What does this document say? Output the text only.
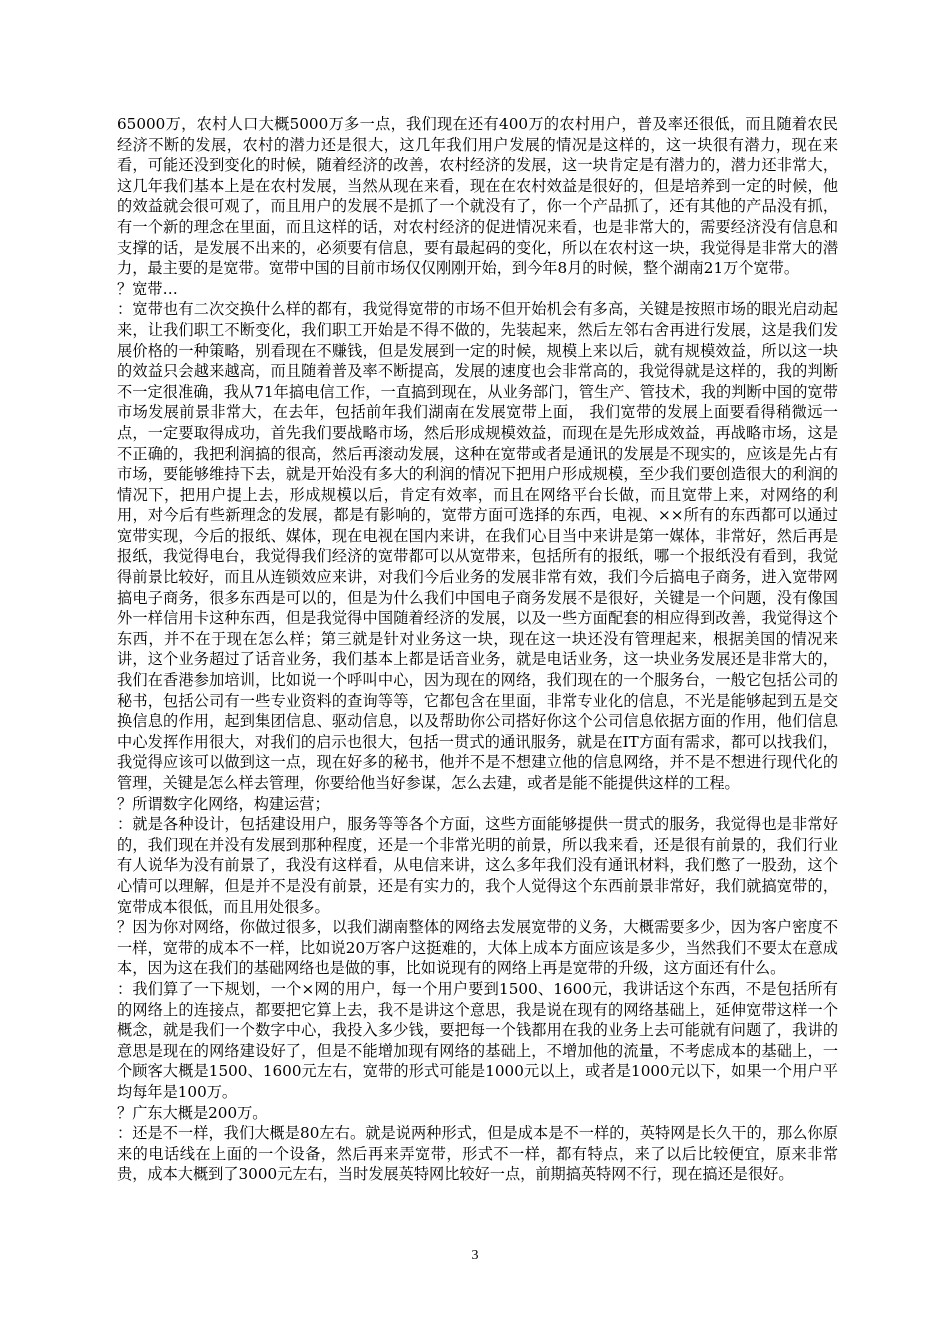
65000万，农村人口大概5000万多一点，我们现在还有400万的农村用户，普及率还很低，而且随着农民经济不断的发展，农村的潜力还是很大，这几年我们用户发展的情况是这样的，这一块很有潜力，现在来看，可能还没到变化的时候，随着经济的改善，农村经济的发展，这一块肯定是有潜力的，潜力还非常大，这几年我们基本上是在农村发展，当然从现在来看，现在在农村效益是很好的，但是培养到一定的时候，他的效益就会很可观了，而且用户的发展不是抓了一个就没有了，你一个产品抓了，还有其他的产品没有抓，有一个新的理念在里面，而且这样的话，对农村经济的促进情况来看，也是非常大的，需要经济没有信息和支撑的话，是发展不出来的，必须要有信息，要有最起码的变化，所以在农村这一块，我觉得是非常大的潜力，最主要的是宽带。宽带中国的目前市场仅仅刚刚开始，到今年8月的时候，整个湖南21万个宽带。

？宽带…

：宽带也有二次交换什么样的都有，我觉得宽带的市场不但开始机会有多高，关键是按照市场的眼光启动起来，让我们职工不断变化，我们职工开始是不得不做的，先装起来，然后左邻右舍再进行发展，这是我们发展价格的一种策略，别看现在不赚钱，但是发展到一定的时候，规模上来以后，就有规模效益，所以这一块的效益只会越来越高，而且随着普及率不断提高，发展的速度也会非常高的，我觉得就是这样的，我的判断不一定很准确，我从71年搞电信工作，一直搞到现在，从业务部门，管生产、管技术，我的判断中国的宽带市场发展前景非常大，在去年，包括前年我们湖南在发展宽带上面， 我们宽带的发展上面要看得稍微远一点，一定要取得成功，首先我们要战略市场，然后形成规模效益，而现在是先形成效益，再战略市场，这是不正确的，我把利润搞的很高，然后再滚动发展，这种在宽带或者是通讯的发展是不现实的，应该是先占有市场，要能够维持下去，就是开始没有多大的利润的情况下把用户形成规模，至少我们要创造很大的利润的情况下，把用户提上去，形成规模以后，肯定有效率，而且在网络平台长做，而且宽带上来，对网络的利用，对今后有些新理念的发展，都是有影响的，宽带方面可选择的东西，电视、××所有的东西都可以通过宽带实现，今后的报纸、媒体，现在电视在国内来讲，在我们心目当中来讲是第一媒体，非常好，然后再是报纸，我觉得电台，我觉得我们经济的宽带都可以从宽带来，包括所有的报纸，哪一个报纸没有看到，我觉得前景比较好，而且从连锁效应来讲，对我们今后业务的发展非常有效，我们今后搞电子商务，进入宽带网搞电子商务，很多东西是可以的，但是为什么我们中国电子商务发展不是很好，关键是一个问题，没有像国外一样信用卡这种东西，但是我觉得中国随着经济的发展，以及一些方面配套的相应得到改善，我觉得这个东西，并不在于现在怎么样；第三就是针对业务这一块，现在这一块还没有管理起来，根据美国的情况来讲，这个业务超过了话音业务，我们基本上都是话音业务，就是电话业务，这一块业务发展还是非常大的，我们在香港参加培训，比如说一个呼叫中心，因为现在的网络，我们现在的一个服务台，一般它包括公司的秘书，包括公司有一些专业资料的查询等等，它都包含在里面，非常专业化的信息，不光是能够起到五是交换信息的作用，起到集团信息、驱动信息，以及帮助你公司搭好你这个公司信息依据方面的作用，他们信息中心发挥作用很大，对我们的启示也很大，包括一贯式的通讯服务，就是在IT方面有需求，都可以找我们，我觉得应该可以做到这一点，现在好多的秘书，他并不是不想建立他的信息网络，并不是不想进行现代化的管理，关键是怎么样去管理，你要给他当好参谋，怎么去建，或者是能不能提供这样的工程。

？所谓数字化网络，构建运营；

：就是各种设计，包括建设用户，服务等等各个方面，这些方面能够提供一贯式的服务，我觉得也是非常好的，我们现在并没有发展到那种程度，还是一个非常光明的前景，所以我来看，还是很有前景的，我们行业有人说华为没有前景了，我没有这样看，从电信来讲，这么多年我们没有通讯材料，我们憋了一股劲，这个心情可以理解，但是并不是没有前景，还是有实力的，我个人觉得这个东西前景非常好，我们就搞宽带的，宽带成本很低，而且用处很多。

？因为你对网络，你做过很多，以我们湖南整体的网络去发展宽带的义务，大概需要多少，因为客户密度不一样，宽带的成本不一样，比如说20万客户这挺难的，大体上成本方面应该是多少，当然我们不要太在意成本，因为这在我们的基础网络也是做的事，比如说现有的网络上再是宽带的升级，这方面还有什么。

：我们算了一下规划，一个×网的用户，每一个用户要到1500、1600元，我讲话这个东西，不是包括所有的网络上的连接点，都要把它算上去，我不是讲这个意思，我是说在现有的网络基础上，延伸宽带这样一个概念，就是我们一个数字中心，我投入多少钱，要把每一个钱都用在我的业务上去可能就有问题了，我讲的意思是现在的网络建设好了，但是不能增加现有网络的基础上，不增加他的流量，不考虑成本的基础上，一个顾客大概是1500、1600元左右，宽带的形式可能是1000元以上，或者是1000元以下，如果一个用户平均每年是100万。

？广东大概是200万。

：还是不一样，我们大概是80左右。就是说两种形式，但是成本是不一样的，英特网是长久干的，那么你原来的电话线在上面的一个设备，然后再来弄宽带，形式不一样，都有特点，来了以后比较便宜，原来非常贵，成本大概到了3000元左右，当时发展英特网比较好一点，前期搞英特网不行，现在搞还是很好。

3
